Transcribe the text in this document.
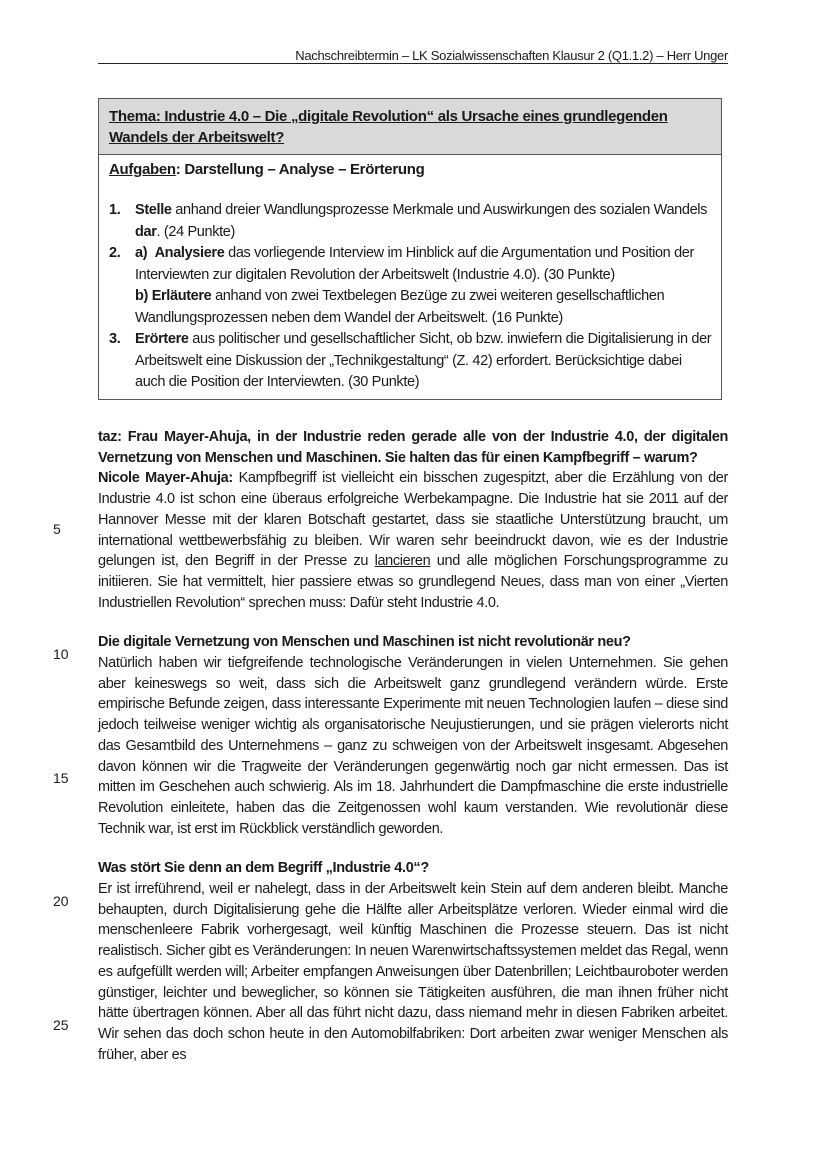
Nachschreibtermin – LK Sozialwissenschaften Klausur 2 (Q1.1.2) – Herr Unger
Thema: Industrie 4.0 – Die „digitale Revolution“ als Ursache eines grundlegenden Wandels der Arbeitswelt?
Aufgaben: Darstellung – Analyse – Erörterung
1. Stelle anhand dreier Wandlungsprozesse Merkmale und Auswirkungen des sozialen Wandels dar. (24 Punkte)
2. a) Analysiere das vorliegende Interview im Hinblick auf die Argumentation und Position der Interviewten zur digitalen Revolution der Arbeitswelt (Industrie 4.0). (30 Punkte)
b) Erläutere anhand von zwei Textbelegen Bezüge zu zwei weiteren gesellschaftlichen Wandlungsprozessen neben dem Wandel der Arbeitswelt. (16 Punkte)
3. Erörtere aus politischer und gesellschaftlicher Sicht, ob bzw. inwiefern die Digitalisierung in der Arbeitswelt eine Diskussion der „Technikgestaltung“ (Z. 42) erfordert. Berücksichtige dabei auch die Position der Interviewten. (30 Punkte)
5
10
15
20
25

taz: Frau Mayer-Ahuja, in der Industrie reden gerade alle von der Industrie 4.0, der digitalen Vernetzung von Menschen und Maschinen. Sie halten das für einen Kampfbegriff – warum?

Nicole Mayer-Ahuja: Kampfbegriff ist vielleicht ein bisschen zugespitzt, aber die Erzählung von der Industrie 4.0 ist schon eine überaus erfolgreiche Werbekampagne. Die Industrie hat sie 2011 auf der Hannover Messe mit der klaren Botschaft gestartet, dass sie staatliche Unterstützung braucht, um international wettbewerbsfähig zu bleiben. Wir waren sehr beeindruckt davon, wie es der Industrie gelungen ist, den Begriff in der Presse zu lancieren und alle möglichen Forschungsprogramme zu initiieren. Sie hat vermittelt, hier passiere etwas so grundlegend Neues, dass man von einer „Vierten Industriellen Revolution“ sprechen muss: Dafür steht Industrie 4.0.

Die digitale Vernetzung von Menschen und Maschinen ist nicht revolutionär neu?

Natürlich haben wir tiefgreifende technologische Veränderungen in vielen Unternehmen. Sie gehen aber keineswegs so weit, dass sich die Arbeitswelt ganz grundlegend verändern würde. Erste empirische Befunde zeigen, dass interessante Experimente mit neuen Technologien laufen – diese sind jedoch teilweise weniger wichtig als organisatorische Neujustierungen, und sie prägen vielerorts nicht das Gesamtbild des Unternehmens – ganz zu schweigen von der Arbeitswelt insgesamt. Abgesehen davon können wir die Tragweite der Veränderungen gegenwärtig noch gar nicht ermessen. Das ist mitten im Geschehen auch schwierig. Als im 18. Jahrhundert die Dampfmaschine die erste industrielle Revolution einleitete, haben das die Zeitgenossen wohl kaum verstanden. Wie revolutionär diese Technik war, ist erst im Rückblick verständlich geworden.

Was stört Sie denn an dem Begriff „Industrie 4.0“?

Er ist irreführend, weil er nahelegt, dass in der Arbeitswelt kein Stein auf dem anderen bleibt. Manche behaupten, durch Digitalisierung gehe die Hälfte aller Arbeitsplätze verloren. Wieder einmal wird die menschenleere Fabrik vorhergesagt, weil künftig Maschinen die Prozesse steuern. Das ist nicht realistisch. Sicher gibt es Veränderungen: In neuen Warenwirtschaftssystemen meldet das Regal, wenn es aufgefüllt werden will; Arbeiter empfangen Anweisungen über Datenbrillen; Leichtbauroboter werden günstiger, leichter und beweglicher, so können sie Tätigkeiten ausführen, die man ihnen früher nicht hätte übertragen können. Aber all das führt nicht dazu, dass niemand mehr in diesen Fabriken arbeitet. Wir sehen das doch schon heute in den Automobilfabriken: Dort arbeiten zwar weniger Menschen als früher, aber es
